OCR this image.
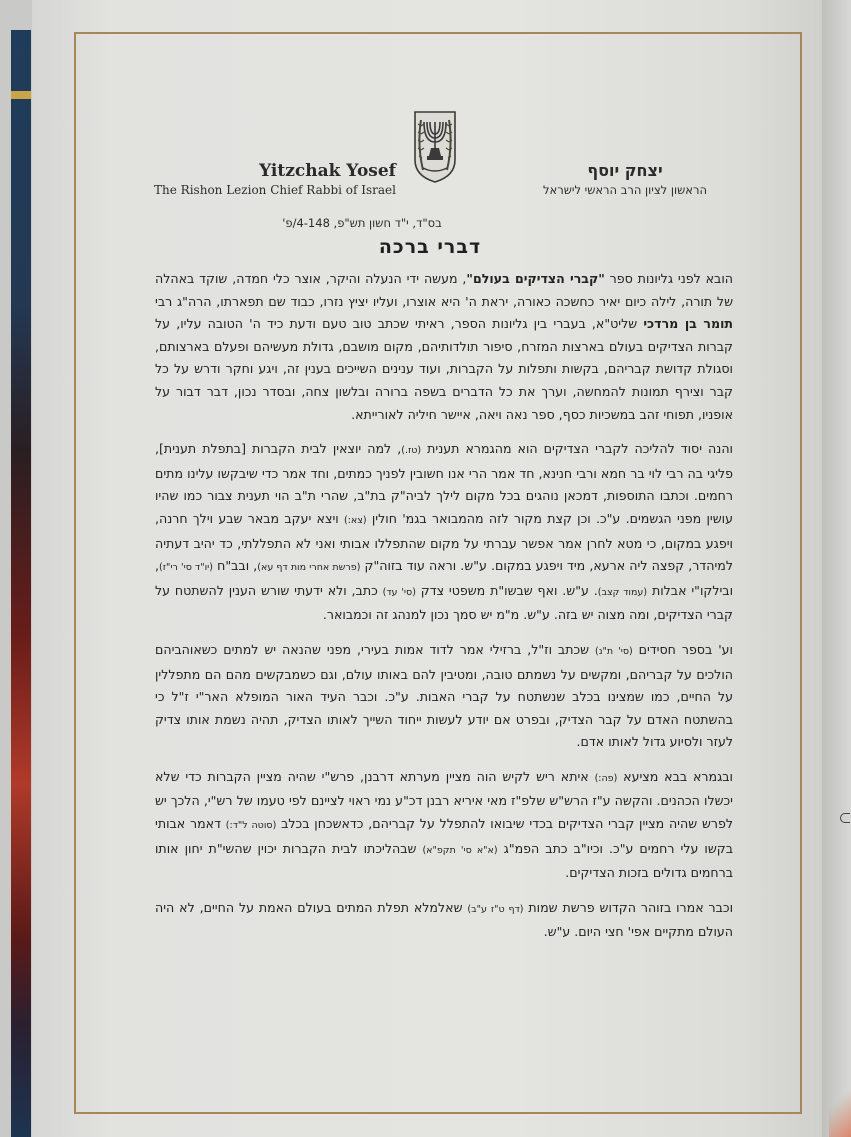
Yitzchak Yosef
The Rishon Lezion Chief Rabbi of Israel
יצחק יוסף
הראשון לציון הרב הראשי לישראל
בס"ד, י"ד חשון תש"פ, 4-148/פ'
דברי ברכה

הובא לפני גליונות ספר "קברי הצדיקים בעולם", מעשה ידי הנעלה והיקר, אוצר כלי חמדה, שוקד באהלה של תורה, לילה כיום יאיר כחשכה כאורה, יראת ה' היא אוצרו, ועליו יציץ נזרו, כבוד שם תפארתו, הרה"ג רבי תומר בן מרדכי שליט"א, בעברי בין גליונות הספר, ראיתי שכתב טוב טעם ודעת כיד ה' הטובה עליו, על קברות הצדיקים בעולם בארצות המזרח, סיפור תולדותיהם, מקום מושבם, גדולת מעשיהם ופעלם בארצותם, וסגולת קדושת קבריהם, בקשות ותפלות על הקברות, ועוד ענינים השייכים בענין זה, ויגע וחקר ודרש על כל קבר וצירף תמונות להמחשה, וערך את כל הדברים בשפה ברורה ובלשון צחה, ובסדר נכון, דבר דבור על אופניו, תפוחי זהב במשכיות כסף, ספר נאה ויאה, איישר חיליה לאורייתא.

והנה יסוד להליכה לקברי הצדיקים הוא מהגמרא תענית (טז.), למה יוצאין לבית הקברות [בתפלת תענית], פליגי בה רבי לוי בר חמא ורבי חנינא, חד אמר הרי אנו חשובין לפניך כמתים, וחד אמר כדי שיבקשו עלינו מתים רחמים. וכתבו התוספות, דמכאן נוהגים בכל מקום לילך לביה"ק בת"ב, שהרי ת"ב הוי תענית צבור כמו שהיו עושין מפני הגשמים. ע"כ. וכן קצת מקור לזה מהמבואר בגמ' חולין (צא:) ויצא יעקב מבאר שבע וילך חרנה, ויפגע במקום, כי מטא לחרן אמר אפשר עברתי על מקום שהתפללו אבותי ואני לא התפללתי, כד יהיב דעתיה למיהדר, קפצה ליה ארעא, מיד ויפגע במקום. ע"ש. וראה עוד בזוה"ק (פרשת אחרי מות דף עא), ובב"ח (יו"ד סי' רי"ז), ובילקו"י אבלות (עמוד קצב). ע"ש. ואף שבשו"ת משפטי צדק (סי' עד) כתב, ולא ידעתי שורש הענין להשתטח על קברי הצדיקים, ומה מצוה יש בזה. ע"ש. מ"מ יש סמך נכון למנהג זה וכמבואר.

וע' בספר חסידים (סי' ת"נ) שכתב וז"ל, ברזילי אמר לדוד אמות בעירי, מפני שהנאה יש למתים כשאוהביהם הולכים על קבריהם, ומקשים על נשמתם טובה, ומטיבין להם באותו עולם, וגם כשמבקשים מהם הם מתפללין על החיים, כמו שמצינו בכלב שנשתטח על קברי האבות. ע"כ. וכבר העיד האור המופלא האר"י ז"ל כי בהשתטח האדם על קבר הצדיק, ובפרט אם יודע לעשות ייחוד השייך לאותו הצדיק, תהיה נשמת אותו צדיק לעזר ולסיוע גדול לאותו אדם.

ובגמרא בבא מציעא (פה:) איתא ריש לקיש הוה מציין מערתא דרבנן, פרש"י שהיה מציין הקברות כדי שלא יכשלו הכהנים. והקשה ע"ז הרש"ש שלפ"ז מאי איריא רבנן דכ"ע נמי ראוי לציינם לפי טעמו של רש"י, הלכך יש לפרש שהיה מציין קברי הצדיקים בכדי שיבואו להתפלל על קבריהם, כדאשכחן בכלב (סוטה ל"ד:) דאמר אבותי בקשו עלי רחמים ע"כ. וכיו"ב כתב הפמ"ג (א"א סי' תקפ"א) שבהליכתו לבית הקברות יכוין שהשי"ת יחון אותו ברחמים גדולים בזכות הצדיקים.

וכבר אמרו בזוהר הקדוש פרשת שמות (דף ט"ז ע"ב) שאלמלא תפלת המתים בעולם האמת על החיים, לא היה העולם מתקיים אפי' חצי היום. ע"ש.
